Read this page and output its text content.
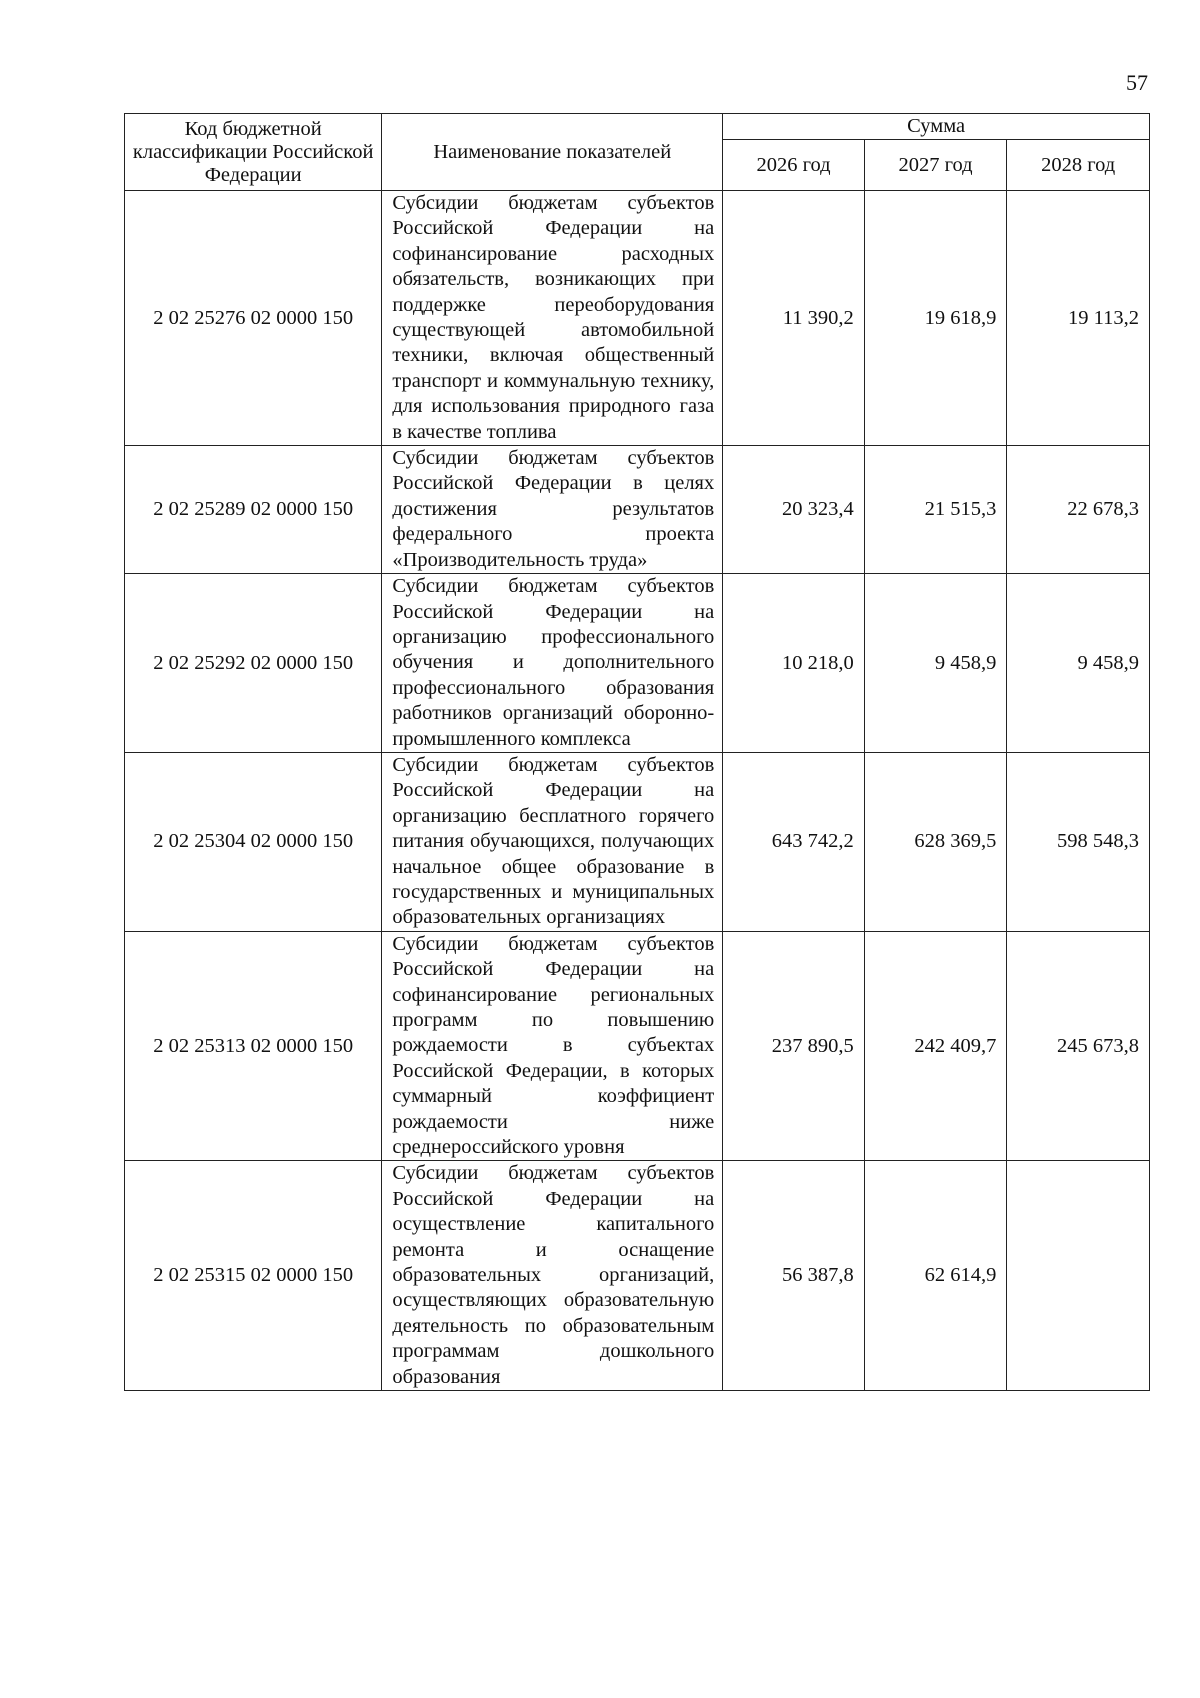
57
Код бюджетной классификации Российской Федерации	Наименование показателей	Сумма		
		2026 год	2027 год	2028 год
2 02 25276 02 0000 150	Субсидии бюджетам субъектов Российской Федерации на софинансирование расходных обязательств, возникающих при поддержке переоборудования существующей автомобильной техники, включая общественный транспорт и коммунальную технику, для использования природного газа в качестве топлива	11 390,2	19 618,9	19 113,2
2 02 25289 02 0000 150	Субсидии бюджетам субъектов Российской Федерации в целях достижения результатов федерального проекта «Производительность труда»	20 323,4	21 515,3	22 678,3
2 02 25292 02 0000 150	Субсидии бюджетам субъектов Российской Федерации на организацию профессионального обучения и дополнительного профессионального образования работников организаций оборонно-промышленного комплекса	10 218,0	9 458,9	9 458,9
2 02 25304 02 0000 150	Субсидии бюджетам субъектов Российской Федерации на организацию бесплатного горячего питания обучающихся, получающих начальное общее образование в государственных и муниципальных образовательных организациях	643 742,2	628 369,5	598 548,3
2 02 25313 02 0000 150	Субсидии бюджетам субъектов Российской Федерации на софинансирование региональных программ по повышению рождаемости в субъектах Российской Федерации, в которых суммарный коэффициент рождаемости ниже среднероссийского уровня	237 890,5	242 409,7	245 673,8
2 02 25315 02 0000 150	Субсидии бюджетам субъектов Российской Федерации на осуществление капитального ремонта и оснащение образовательных организаций, осуществляющих образовательную деятельность по образовательным программам дошкольного образования	56 387,8	62 614,9	
